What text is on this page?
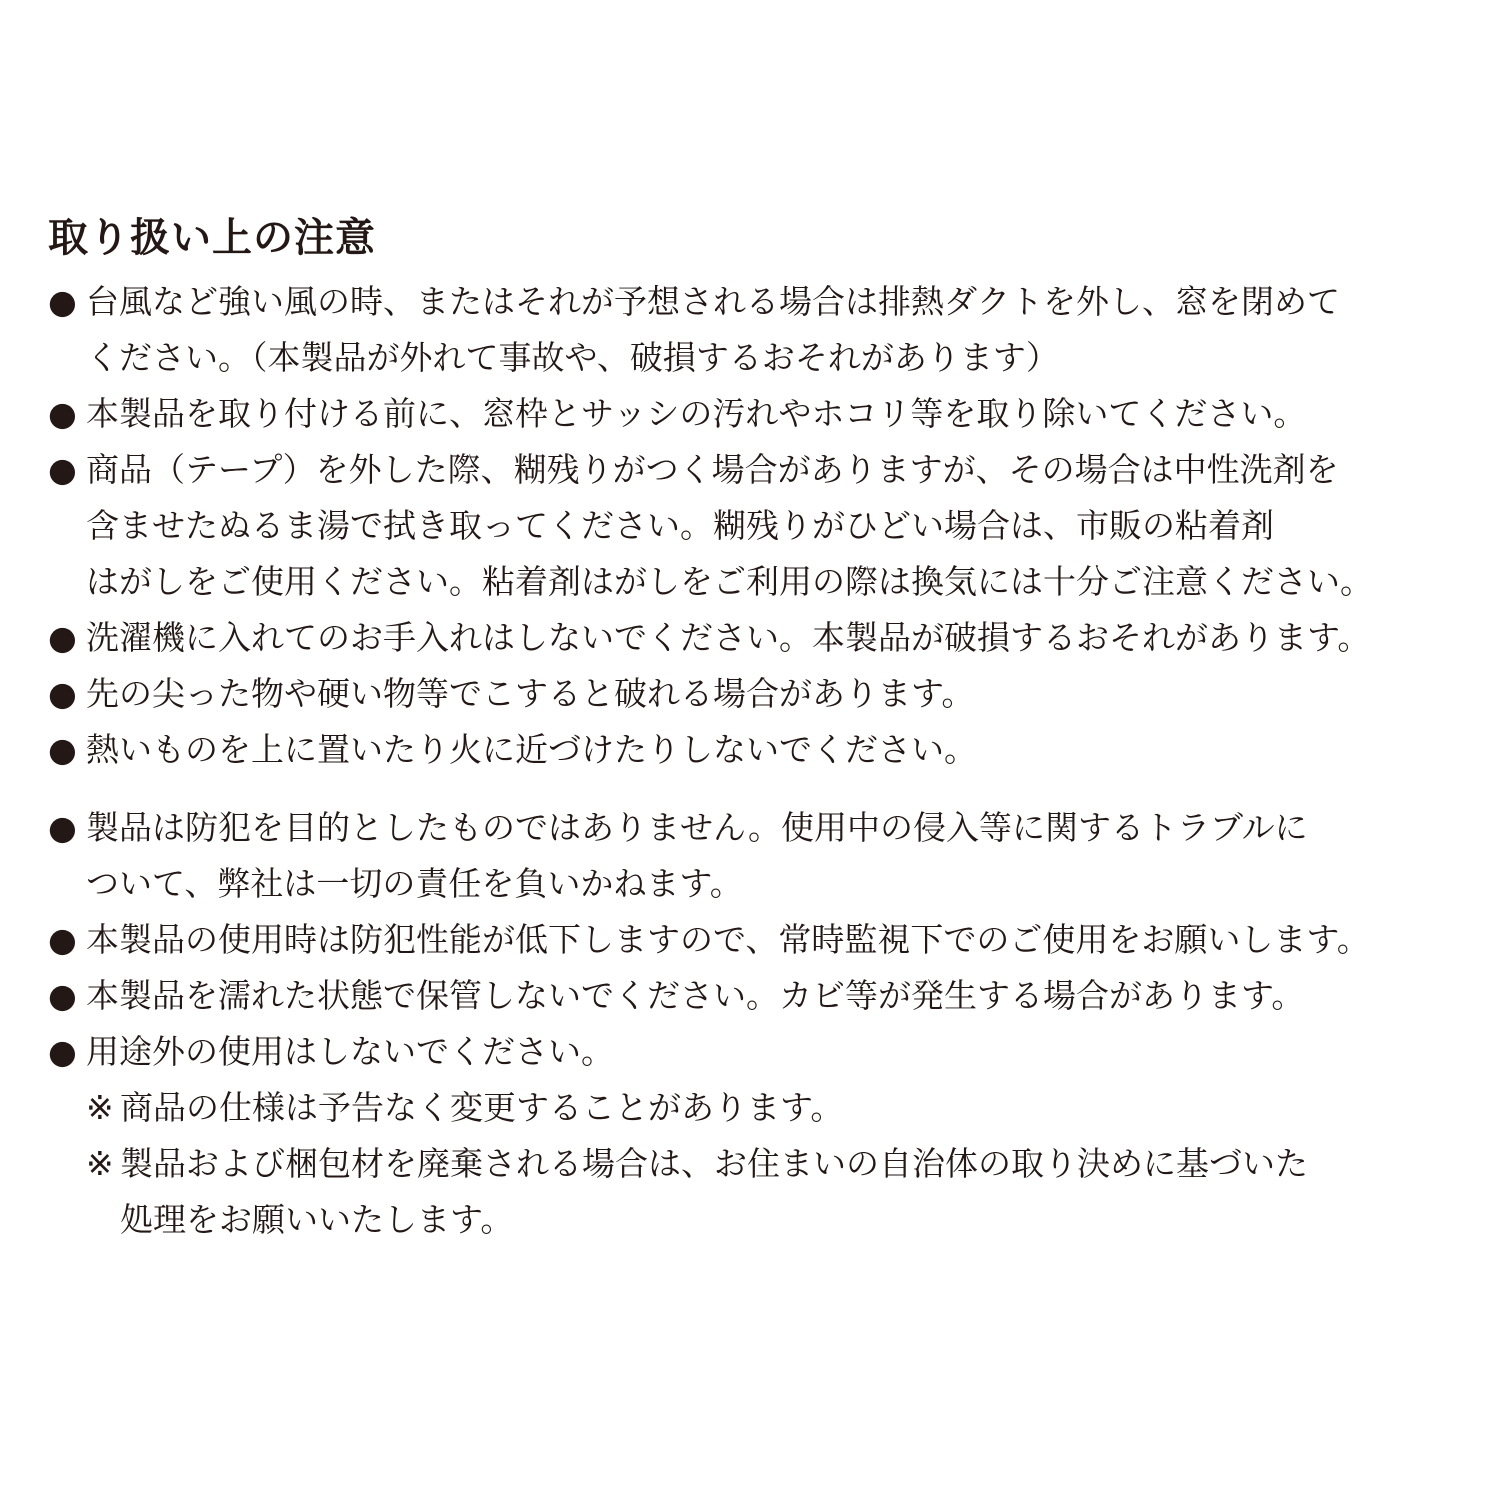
取り扱い上の注意
● 台風など強い風の時、またはそれが予想される場合は排熱ダクトを外し、窓を閉めて
ください。（本製品が外れて事故や、破損するおそれがあります）
● 本製品を取り付ける前に、窓枠とサッシの汚れやホコリ等を取り除いてください。
● 商品（テープ）を外した際、糊残りがつく場合がありますが、その場合は中性洗剤を
含ませたぬるま湯で拭き取ってください。糊残りがひどい場合は、市販の粘着剤
はがしをご使用ください。粘着剤はがしをご利用の際は換気には十分ご注意ください。
● 洗濯機に入れてのお手入れはしないでください。本製品が破損するおそれがあります。
● 先の尖った物や硬い物等でこすると破れる場合があります。
● 熱いものを上に置いたり火に近づけたりしないでください。
● 製品は防犯を目的としたものではありません。使用中の侵入等に関するトラブルに
ついて、弊社は一切の責任を負いかねます。
● 本製品の使用時は防犯性能が低下しますので、常時監視下でのご使用をお願いします。
● 本製品を濡れた状態で保管しないでください。カビ等が発生する場合があります。
● 用途外の使用はしないでください。
※ 商品の仕様は予告なく変更することがあります。
※ 製品および梱包材を廃棄される場合は、お住まいの自治体の取り決めに基づいた
処理をお願いいたします。
